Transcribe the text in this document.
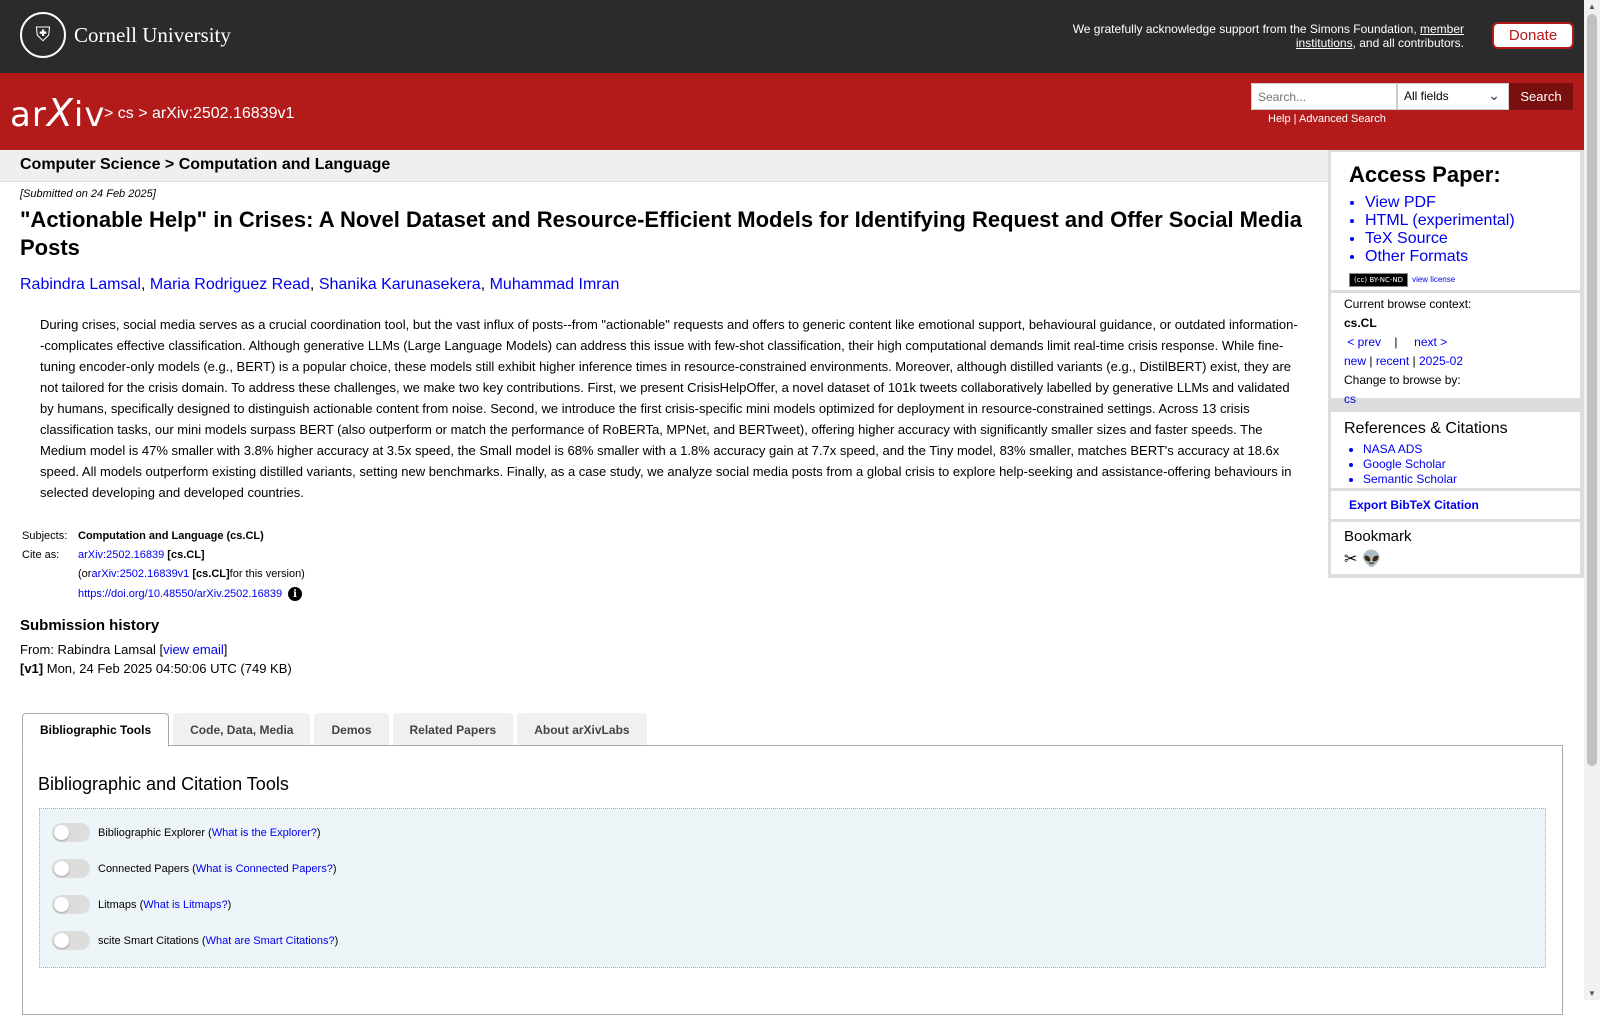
⛨	Cornell University	We gratefully acknowledge support from the Simons Foundation, member institutions, and all contributors.	Donate
arXiv
> cs > arXiv:2502.16839v1
Search...
All fields	⌄	Search
Help | Advanced Search
Computer Science > Computation and Language
[Submitted on 24 Feb 2025]
"Actionable Help" in Crises: A Novel Dataset and Resource-Efficient Models for Identifying Request and Offer Social Media Posts
Rabindra Lamsal, Maria Rodriguez Read, Shanika Karunasekera, Muhammad Imran
During crises, social media serves as a crucial coordination tool, but the vast influx of posts--from "actionable" requests and offers to generic content like emotional support, behavioural guidance, or outdated information--complicates effective classification. Although generative LLMs (Large Language Models) can address this issue with few-shot classification, their high computational demands limit real-time crisis response. While fine-tuning encoder-only models (e.g., BERT) is a popular choice, these models still exhibit higher inference times in resource-constrained environments. Moreover, although distilled variants (e.g., DistilBERT) exist, they are not tailored for the crisis domain. To address these challenges, we make two key contributions. First, we present CrisisHelpOffer, a novel dataset of 101k tweets collaboratively labelled by generative LLMs and validated by humans, specifically designed to distinguish actionable content from noise. Second, we introduce the first crisis-specific mini models optimized for deployment in resource-constrained settings. Across 13 crisis classification tasks, our mini models surpass BERT (also outperform or match the performance of RoBERTa, MPNet, and BERTweet), offering higher accuracy with significantly smaller sizes and faster speeds. The Medium model is 47% smaller with 3.8% higher accuracy at 3.5x speed, the Small model is 68% smaller with a 1.8% accuracy gain at 7.7x speed, and the Tiny model, 83% smaller, matches BERT's accuracy at 18.6x speed. All models outperform existing distilled variants, setting new benchmarks. Finally, as a case study, we analyze social media posts from a global crisis to explore help-seeking and assistance-offering behaviours in selected developing and developed countries.
Subjects: Computation and Language (cs.CL)
Cite as:	arXiv:2502.16839
[cs.CL]
(or arXiv:2502.16839v1
[cs.CL] for this version)
https://doi.org/10.48550/arXiv.2502.16839	i
Submission history
From: Rabindra Lamsal [view email]
[v1] Mon, 24 Feb 2025 04:50:06 UTC (749 KB)
Bibliographic Tools	Code, Data, Media	Demos	Related Papers	About arXivLabs
Bibliographic and Citation Tools
Bibliographic Explorer ( What is the Explorer? )
Connected Papers ( What is Connected Papers? )
Litmaps ( What is Litmaps? )
scite Smart Citations ( What are Smart Citations? )
Access Paper:
• View PDF
• HTML (experimental)
• TeX Source
• Other Formats
(cc) BY-NC-ND view license
Current browse context:
cs.CL
< prev    |     next >
new | recent | 2025-02
Change to browse by:
cs
References & Citations
• NASA ADS
• Google Scholar
• Semantic Scholar
Export BibTeX Citation
Bookmark
✂ 👽
▲
▼
